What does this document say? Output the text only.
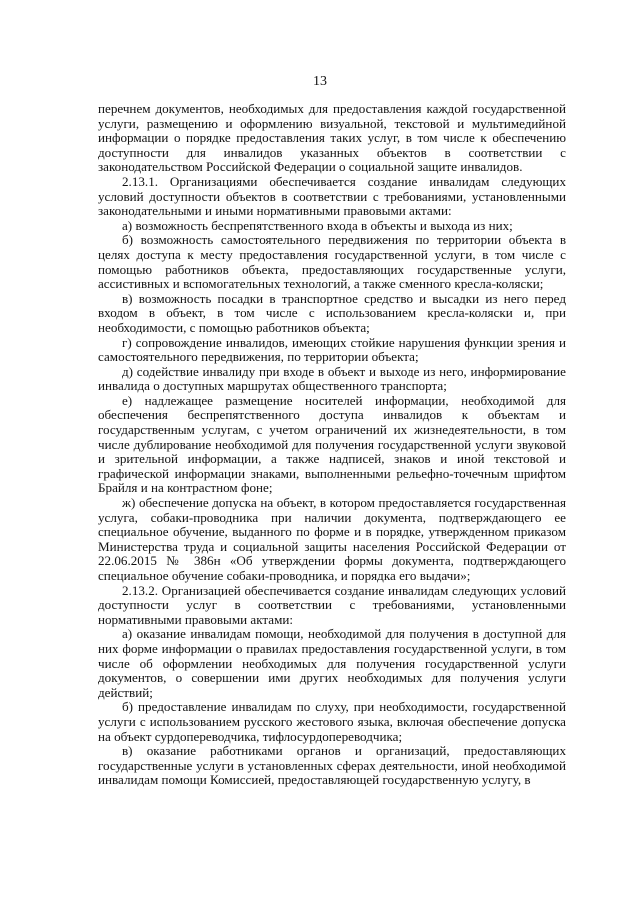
13

перечнем документов, необходимых для предоставления каждой государственной услуги, размещению и оформлению визуальной, текстовой и мультимедийной информации о порядке предоставления таких услуг, в том числе к обеспечению доступности для инвалидов указанных объектов в соответствии с законодательством Российской Федерации о социальной защите инвалидов.

2.13.1. Организациями обеспечивается создание инвалидам следующих условий доступности объектов в соответствии с требованиями, установленными законодательными и иными нормативными правовыми актами:

а) возможность беспрепятственного входа в объекты и выхода из них;

б) возможность самостоятельного передвижения по территории объекта в целях доступа к месту предоставления государственной услуги, в том числе с помощью работников объекта, предоставляющих государственные услуги, ассистивных и вспомогательных технологий, а также сменного кресла-коляски;

в) возможность посадки в транспортное средство и высадки из него перед входом в объект, в том числе с использованием кресла-коляски и, при необходимости, с помощью работников объекта;

г) сопровождение инвалидов, имеющих стойкие нарушения функции зрения и самостоятельного передвижения, по территории объекта;

д) содействие инвалиду при входе в объект и выходе из него, информирование инвалида о доступных маршрутах общественного транспорта;

е) надлежащее размещение носителей информации, необходимой для обеспечения беспрепятственного доступа инвалидов к объектам и государственным услугам, с учетом ограничений их жизнедеятельности, в том числе дублирование необходимой для получения государственной услуги звуковой и зрительной информации, а также надписей, знаков и иной текстовой и графической информации знаками, выполненными рельефно-точечным шрифтом Брайля и на контрастном фоне;

ж) обеспечение допуска на объект, в котором предоставляется государственная услуга, собаки-проводника при наличии документа, подтверждающего ее специальное обучение, выданного по форме и в порядке, утвержденном приказом Министерства труда и социальной защиты населения Российской Федерации от 22.06.2015 № 386н «Об утверждении формы документа, подтверждающего специальное обучение собаки-проводника, и порядка его выдачи»;

2.13.2. Организацией обеспечивается создание инвалидам следующих условий доступности услуг в соответствии с требованиями, установленными нормативными правовыми актами:

а) оказание инвалидам помощи, необходимой для получения в доступной для них форме информации о правилах предоставления государственной услуги, в том числе об оформлении необходимых для получения государственной услуги документов, о совершении ими других необходимых для получения услуги действий;

б) предоставление инвалидам по слуху, при необходимости, государственной услуги с использованием русского жестового языка, включая обеспечение допуска на объект сурдопереводчика, тифлосурдопереводчика;

в) оказание работниками органов и организаций, предоставляющих государственные услуги в установленных сферах деятельности, иной необходимой инвалидам помощи Комиссией, предоставляющей государственную услугу, в
